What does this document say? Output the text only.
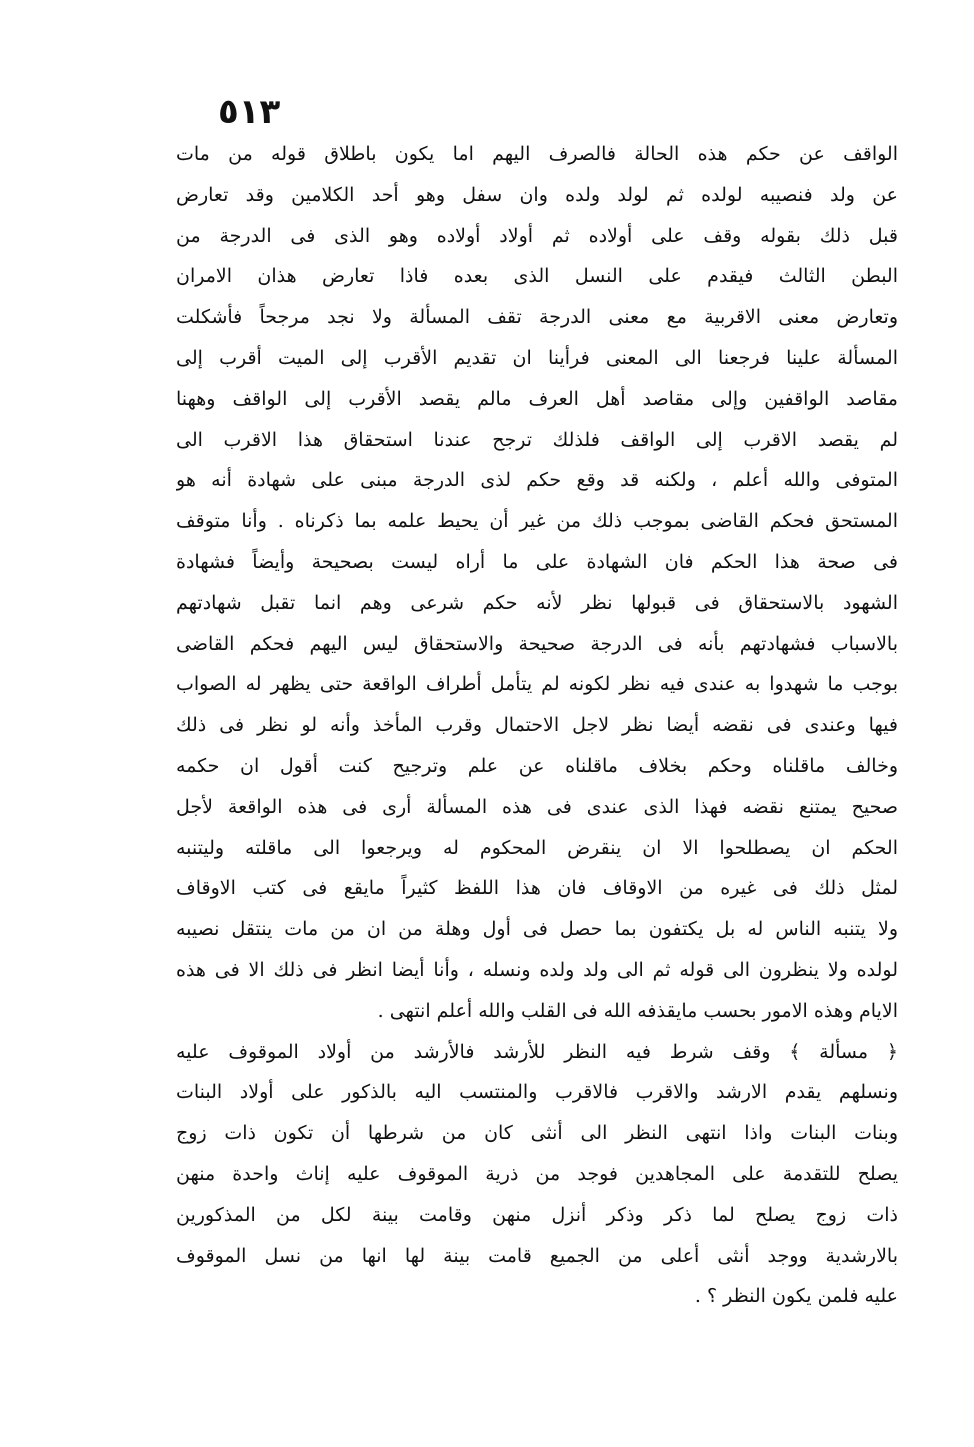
٥١٣
الواقف عن حكم هذه الحالة فالصرف اليهم اما يكون باطلاق قوله من مات
عن ولد فنصيبه لولده ثم لولد ولده وان سفل وهو أحد الكلامين وقد تعارض
قبل ذلك بقوله وقف على أولاده ثم أولاد أولاده وهو الذى فى الدرجة من
البطن الثالث فيقدم على النسل الذى بعده فاذا تعارض هذان الامران
وتعارض معنى الاقربية مع معنى الدرجة تقف المسألة ولا نجد مرجحاً فأشكلت
المسألة علينا فرجعنا الى المعنى فرأينا ان تقديم الأقرب إلى الميت أقرب إلى
مقاصد الواقفين وإلى مقاصد أهل العرف مالم يقصد الأقرب إلى الواقف وههنا
لم يقصد الاقرب إلى الواقف فلذلك ترجح عندنا استحقاق هذا الاقرب الى
المتوفى والله أعلم ، ولكنه قد وقع حكم لذى الدرجة مبنى على شهادة أنه هو
المستحق فحكم القاضى بموجب ذلك من غير أن يحيط علمه بما ذكرناه . وأنا متوقف
فى صحة هذا الحكم فان الشهادة على ما أراه ليست بصحيحة وأيضاً فشهادة
الشهود بالاستحقاق فى قبولها نظر لأنه حكم شرعى وهم انما تقبل شهادتهم
بالاسباب فشهادتهم بأنه فى الدرجة صحيحة والاستحقاق ليس اليهم فحكم القاضى
بوجب ما شهدوا به عندى فيه نظر لكونه لم يتأمل أطراف الواقعة حتى يظهر له الصواب
فيها وعندى فى نقضه أيضا نظر لاجل الاحتمال وقرب المأخذ وأنه لو نظر فى ذلك
وخالف ماقلناه وحكم بخلاف ماقلناه عن علم وترجيح كنت أقول ان حكمه
صحيح يمتنع نقضه فهذا الذى عندى فى هذه المسألة أرى فى هذه الواقعة لأجل
الحكم ان يصطلحوا الا ان ينقرض المحكوم له ويرجعوا الى ماقلته وليتنبه
لمثل ذلك فى غيره من الاوقاف فان هذا اللفظ كثيراً مايقع فى كتب الاوقاف
ولا يتنبه الناس له بل يكتفون بما حصل فى أول وهلة من ان من مات ينتقل نصيبه
لولده ولا ينظرون الى قوله ثم الى ولد ولده ونسله ، وأنا أيضا انظر فى ذلك الا فى هذه
الايام وهذه الامور بحسب مايقذفه الله فى القلب والله أعلم انتهى .
﴿ مسألة ﴾ وقف شرط فيه النظر للأرشد فالأرشد من أولاد الموقوف عليه
ونسلهم يقدم الارشد والاقرب فالاقرب والمنتسب اليه بالذكور على أولاد البنات
وبنات البنات واذا انتهى النظر الى أنثى كان من شرطها أن تكون ذات زوج
يصلح للتقدمة على المجاهدين فوجد من ذرية الموقوف عليه إناث واحدة منهن
ذات زوج يصلح لما ذكر وذكر أنزل منهن وقامت بينة لكل من المذكورين
بالارشدية ووجد أنثى أعلى من الجميع قامت بينة لها انها من نسل الموقوف
عليه فلمن يكون النظر ؟ .
